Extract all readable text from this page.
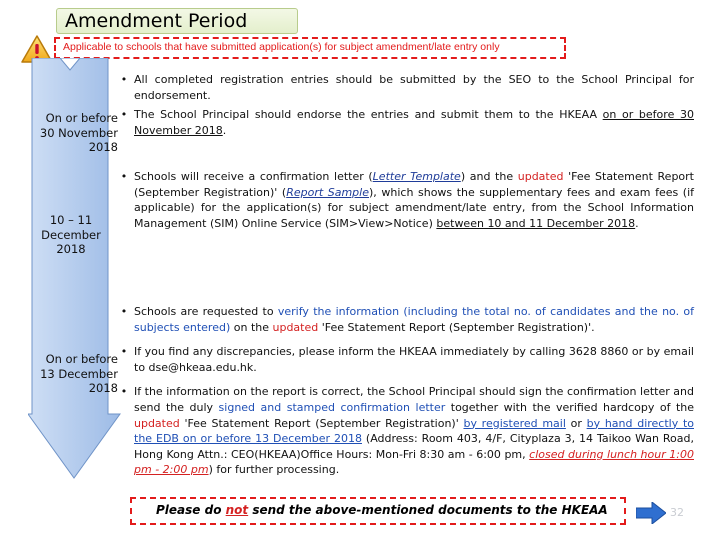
Amendment Period
Applicable to schools that have submitted application(s) for subject amendment/late entry only
On or before
30 November
2018
10 – 11
December
2018
On or before
13 December
2018
• All completed registration entries should be submitted by the SEO to the School Principal for endorsement.
• The School Principal should endorse the entries and submit them to the HKEAA on or before 30 November 2018.
• Schools will receive a confirmation letter (Letter Template) and the updated 'Fee Statement Report (September Registration)' (Report Sample), which shows the supplementary fees and exam fees (if applicable) for the application(s) for subject amendment/late entry, from the School Information Management (SIM) Online Service (SIM>View>Notice) between 10 and 11 December 2018.
• Schools are requested to verify the information (including the total no. of candidates and the no. of subjects entered) on the updated 'Fee Statement Report (September Registration)'.
• If you find any discrepancies, please inform the HKEAA immediately by calling 3628 8860 or by email to dse@hkeaa.edu.hk.
• If the information on the report is correct, the School Principal should sign the confirmation letter and send the duly signed and stamped confirmation letter together with the verified hardcopy of the updated 'Fee Statement Report (September Registration)' by registered mail or by hand directly to the EDB on or before 13 December 2018 (Address: Room 403, 4/F, Cityplaza 3, 14 Taikoo Wan Road, Hong Kong Attn.: CEO(HKEAA)Office Hours: Mon-Fri 8:30 am - 6:00 pm, closed during lunch hour 1:00 pm - 2:00 pm) for further processing.
Please do not send the above-mentioned documents to the HKEAA	32
